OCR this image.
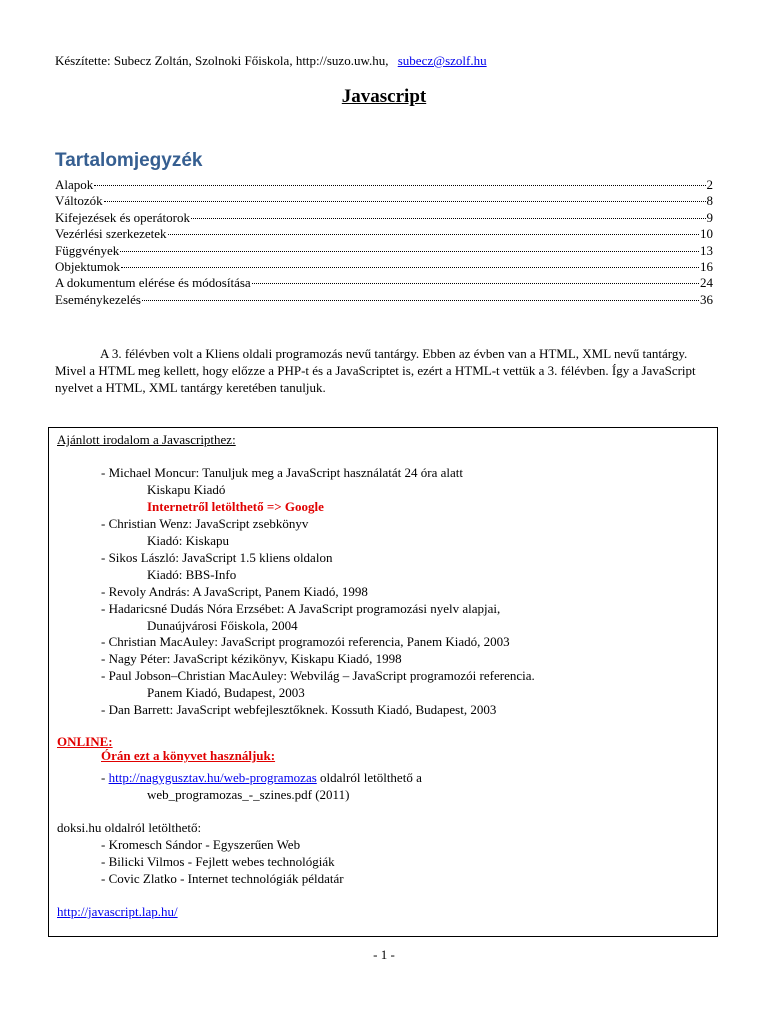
Készítette: Subecz Zoltán, Szolnoki Főiskola, http://suzo.uw.hu, subecz@szolf.hu
Javascript
Tartalomjegyzék
Alapok	2
Változók	8
Kifejezések és operátorok	9
Vezérlési szerkezetek	10
Függvények	13
Objektumok	16
A dokumentum elérése és módosítása	24
Eseménykezelés	36

A 3. félévben volt a Kliens oldali programozás nevű tantárgy. Ebben az évben van a HTML, XML nevű tantárgy. Mivel a HTML meg kellett, hogy előzze a PHP-t és a JavaScriptet is, ezért a HTML-t vettük a 3. félévben. Így a JavaScript nyelvet a HTML, XML tantárgy keretében tanuljuk.

Ajánlott irodalom a Javascripthez:
- Michael Moncur: Tanuljuk meg a JavaScript használatát 24 óra alatt
Kiskapu Kiadó
Internetről letölthető => Google
- Christian Wenz: JavaScript zsebkönyv
Kiadó: Kiskapu
- Sikos László: JavaScript 1.5 kliens oldalon
Kiadó: BBS-Info
- Revoly András: A JavaScript, Panem Kiadó, 1998
- Hadaricsné Dudás Nóra Erzsébet: A JavaScript programozási nyelv alapjai,
Dunaújvárosi Főiskola, 2004
- Christian MacAuley: JavaScript programozói referencia, Panem Kiadó, 2003
- Nagy Péter: JavaScript kézikönyv, Kiskapu Kiadó, 1998
- Paul Jobson–Christian MacAuley: Webvilág – JavaScript programozói referencia.
Panem Kiadó, Budapest, 2003
- Dan Barrett: JavaScript webfejlesztőknek. Kossuth Kiadó, Budapest, 2003
ONLINE:
Órán ezt a könyvet használjuk:
- http://nagygusztav.hu/web-programozas oldalról letölthető a
web_programozas_-_szines.pdf (2011)
doksi.hu oldalról letölthető:
- Kromesch Sándor - Egyszerűen Web
- Bilicki Vilmos - Fejlett webes technológiák
- Covic Zlatko - Internet technológiák példatár
http://javascript.lap.hu/
- 1 -
